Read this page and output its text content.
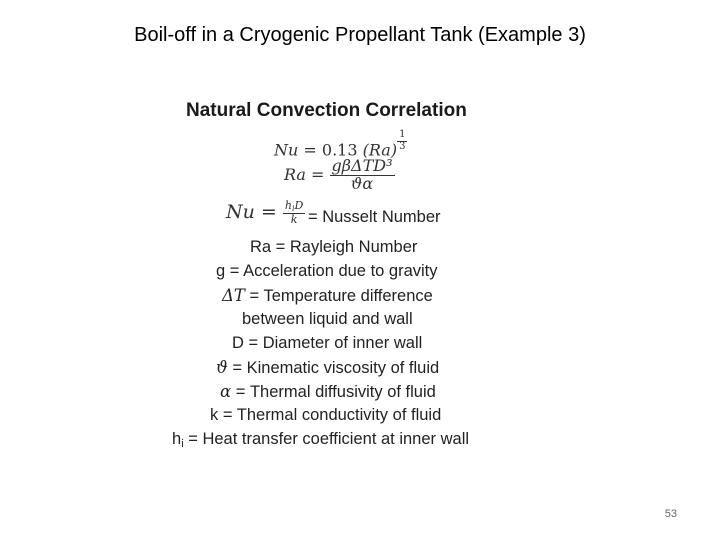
Boil-off in a Cryogenic Propellant Tank (Example 3)
Natural Convection Correlation
Nu = 0.13 $(Ra) \frac{1}{3}$
$Ra = \frac{\text{gβΔTD³}}{ϑ\alpha}$
$Nu = \frac{h_iD}{k}$ = Nusselt Number
Ra = Rayleigh Number
g = Acceleration due to gravity
ΔT = Temperature difference
between liquid and wall
D = Diameter of inner wall
ϑ = Kinematic viscosity of fluid
α = Thermal diffusivity of fluid
k = Thermal conductivity of fluid
$h_i$ = Heat transfer coefficient at inner wall
53
